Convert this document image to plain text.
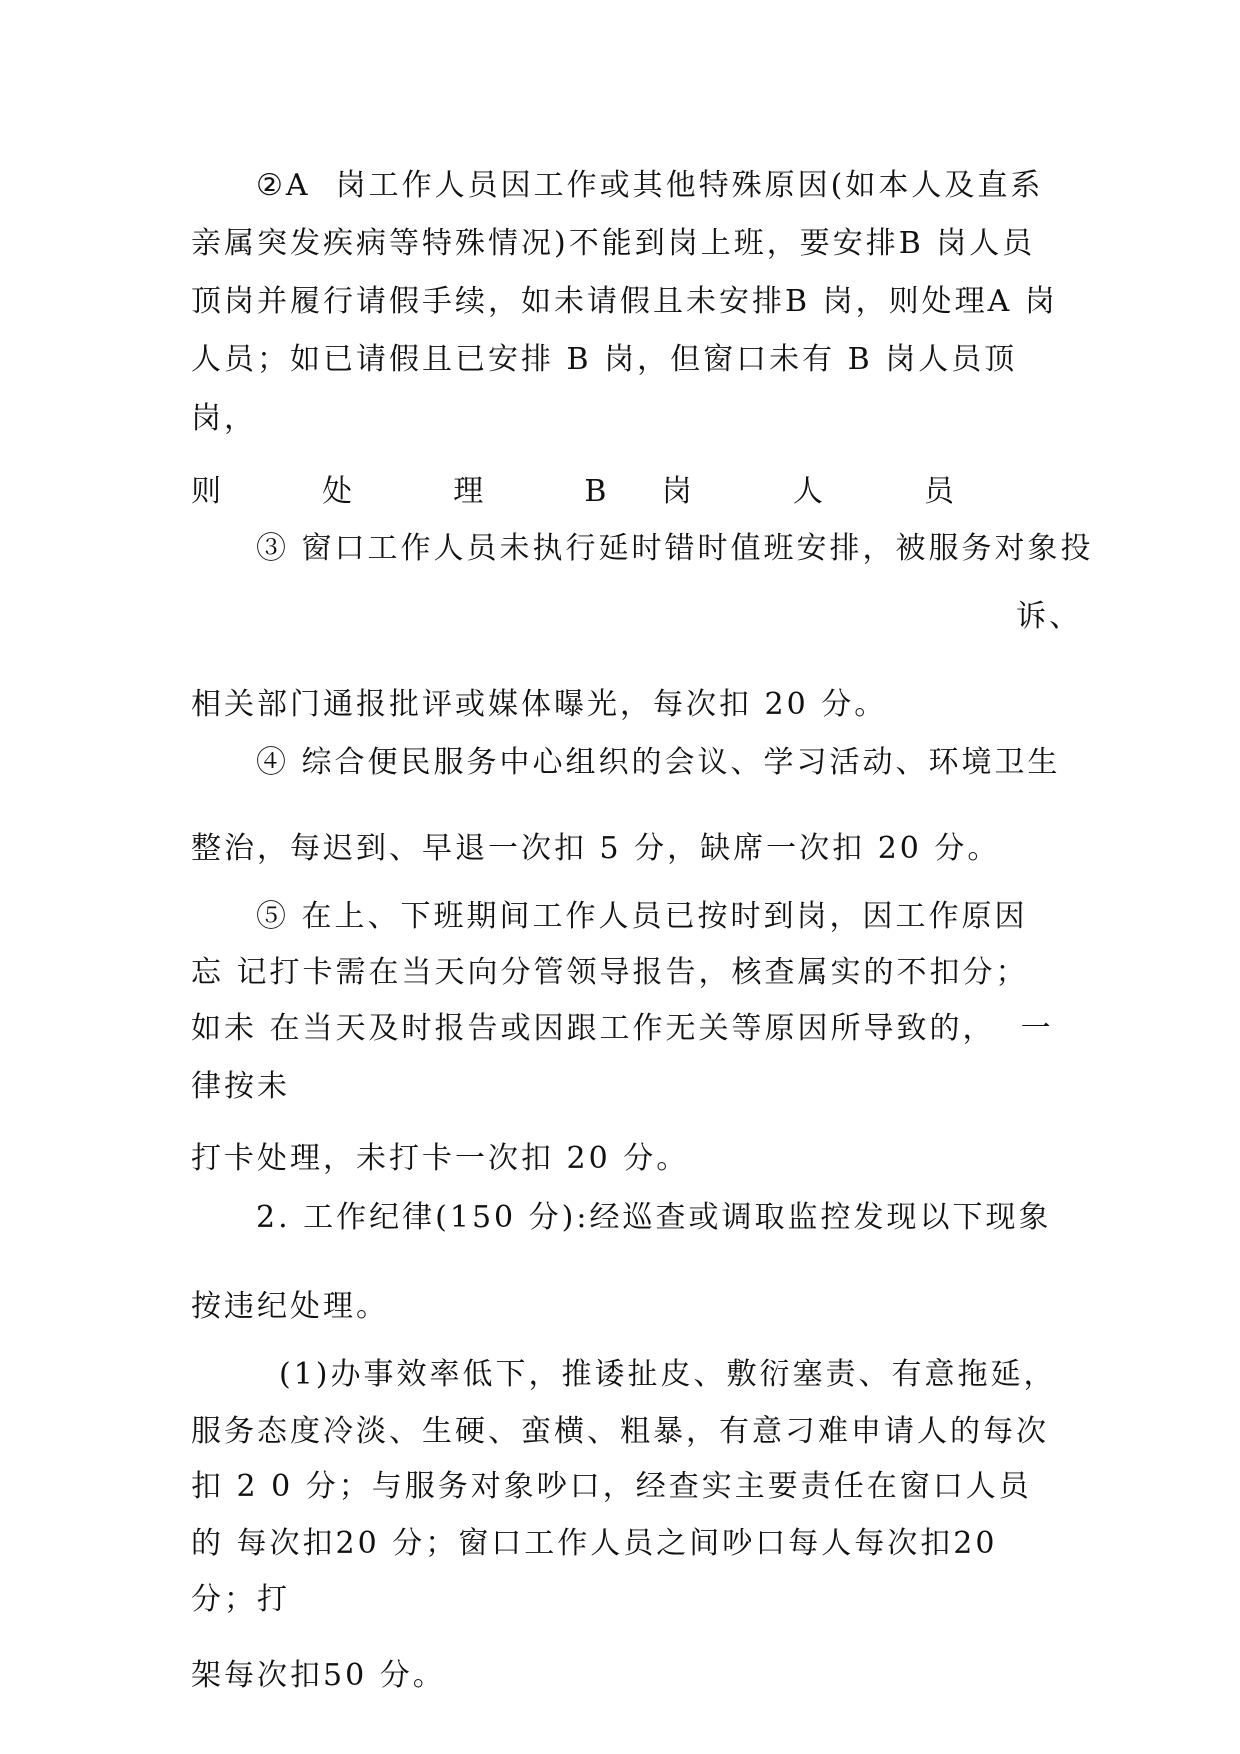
②A  岗工作人员因工作或其他特殊原因(如本人及直系
亲属突发疾病等特殊情况)不能到岗上班，要安排B 岗人员
顶岗并履行请假手续，如未请假且未安排B 岗，则处理A 岗
人员；如已请假且已安排 B 岗，但窗口未有 B 岗人员顶
岗，
则 处 理 B 岗 人 员
③ 窗口工作人员未执行延时错时值班安排，被服务对象投
诉、
相关部门通报批评或媒体曝光，每次扣 20 分。
④ 综合便民服务中心组织的会议、学习活动、环境卫生
整治，每迟到、早退一次扣 5 分，缺席一次扣 20 分。
⑤ 在上、下班期间工作人员已按时到岗，因工作原因
忘 记打卡需在当天向分管领导报告，核查属实的不扣分；
如未 在当天及时报告或因跟工作无关等原因所导致的，  一
律按未
打卡处理，未打卡一次扣 20 分。
2. 工作纪律(150 分):经巡查或调取监控发现以下现象
按违纪处理。
(1)办事效率低下，推诿扯皮、敷衍塞责、有意拖延，
服务态度冷淡、生硬、蛮横、粗暴，有意刁难申请人的每次
扣 2 0 分；与服务对象吵口，经查实主要责任在窗口人员
的 每次扣20 分；窗口工作人员之间吵口每人每次扣20
分；打
架每次扣50 分。
